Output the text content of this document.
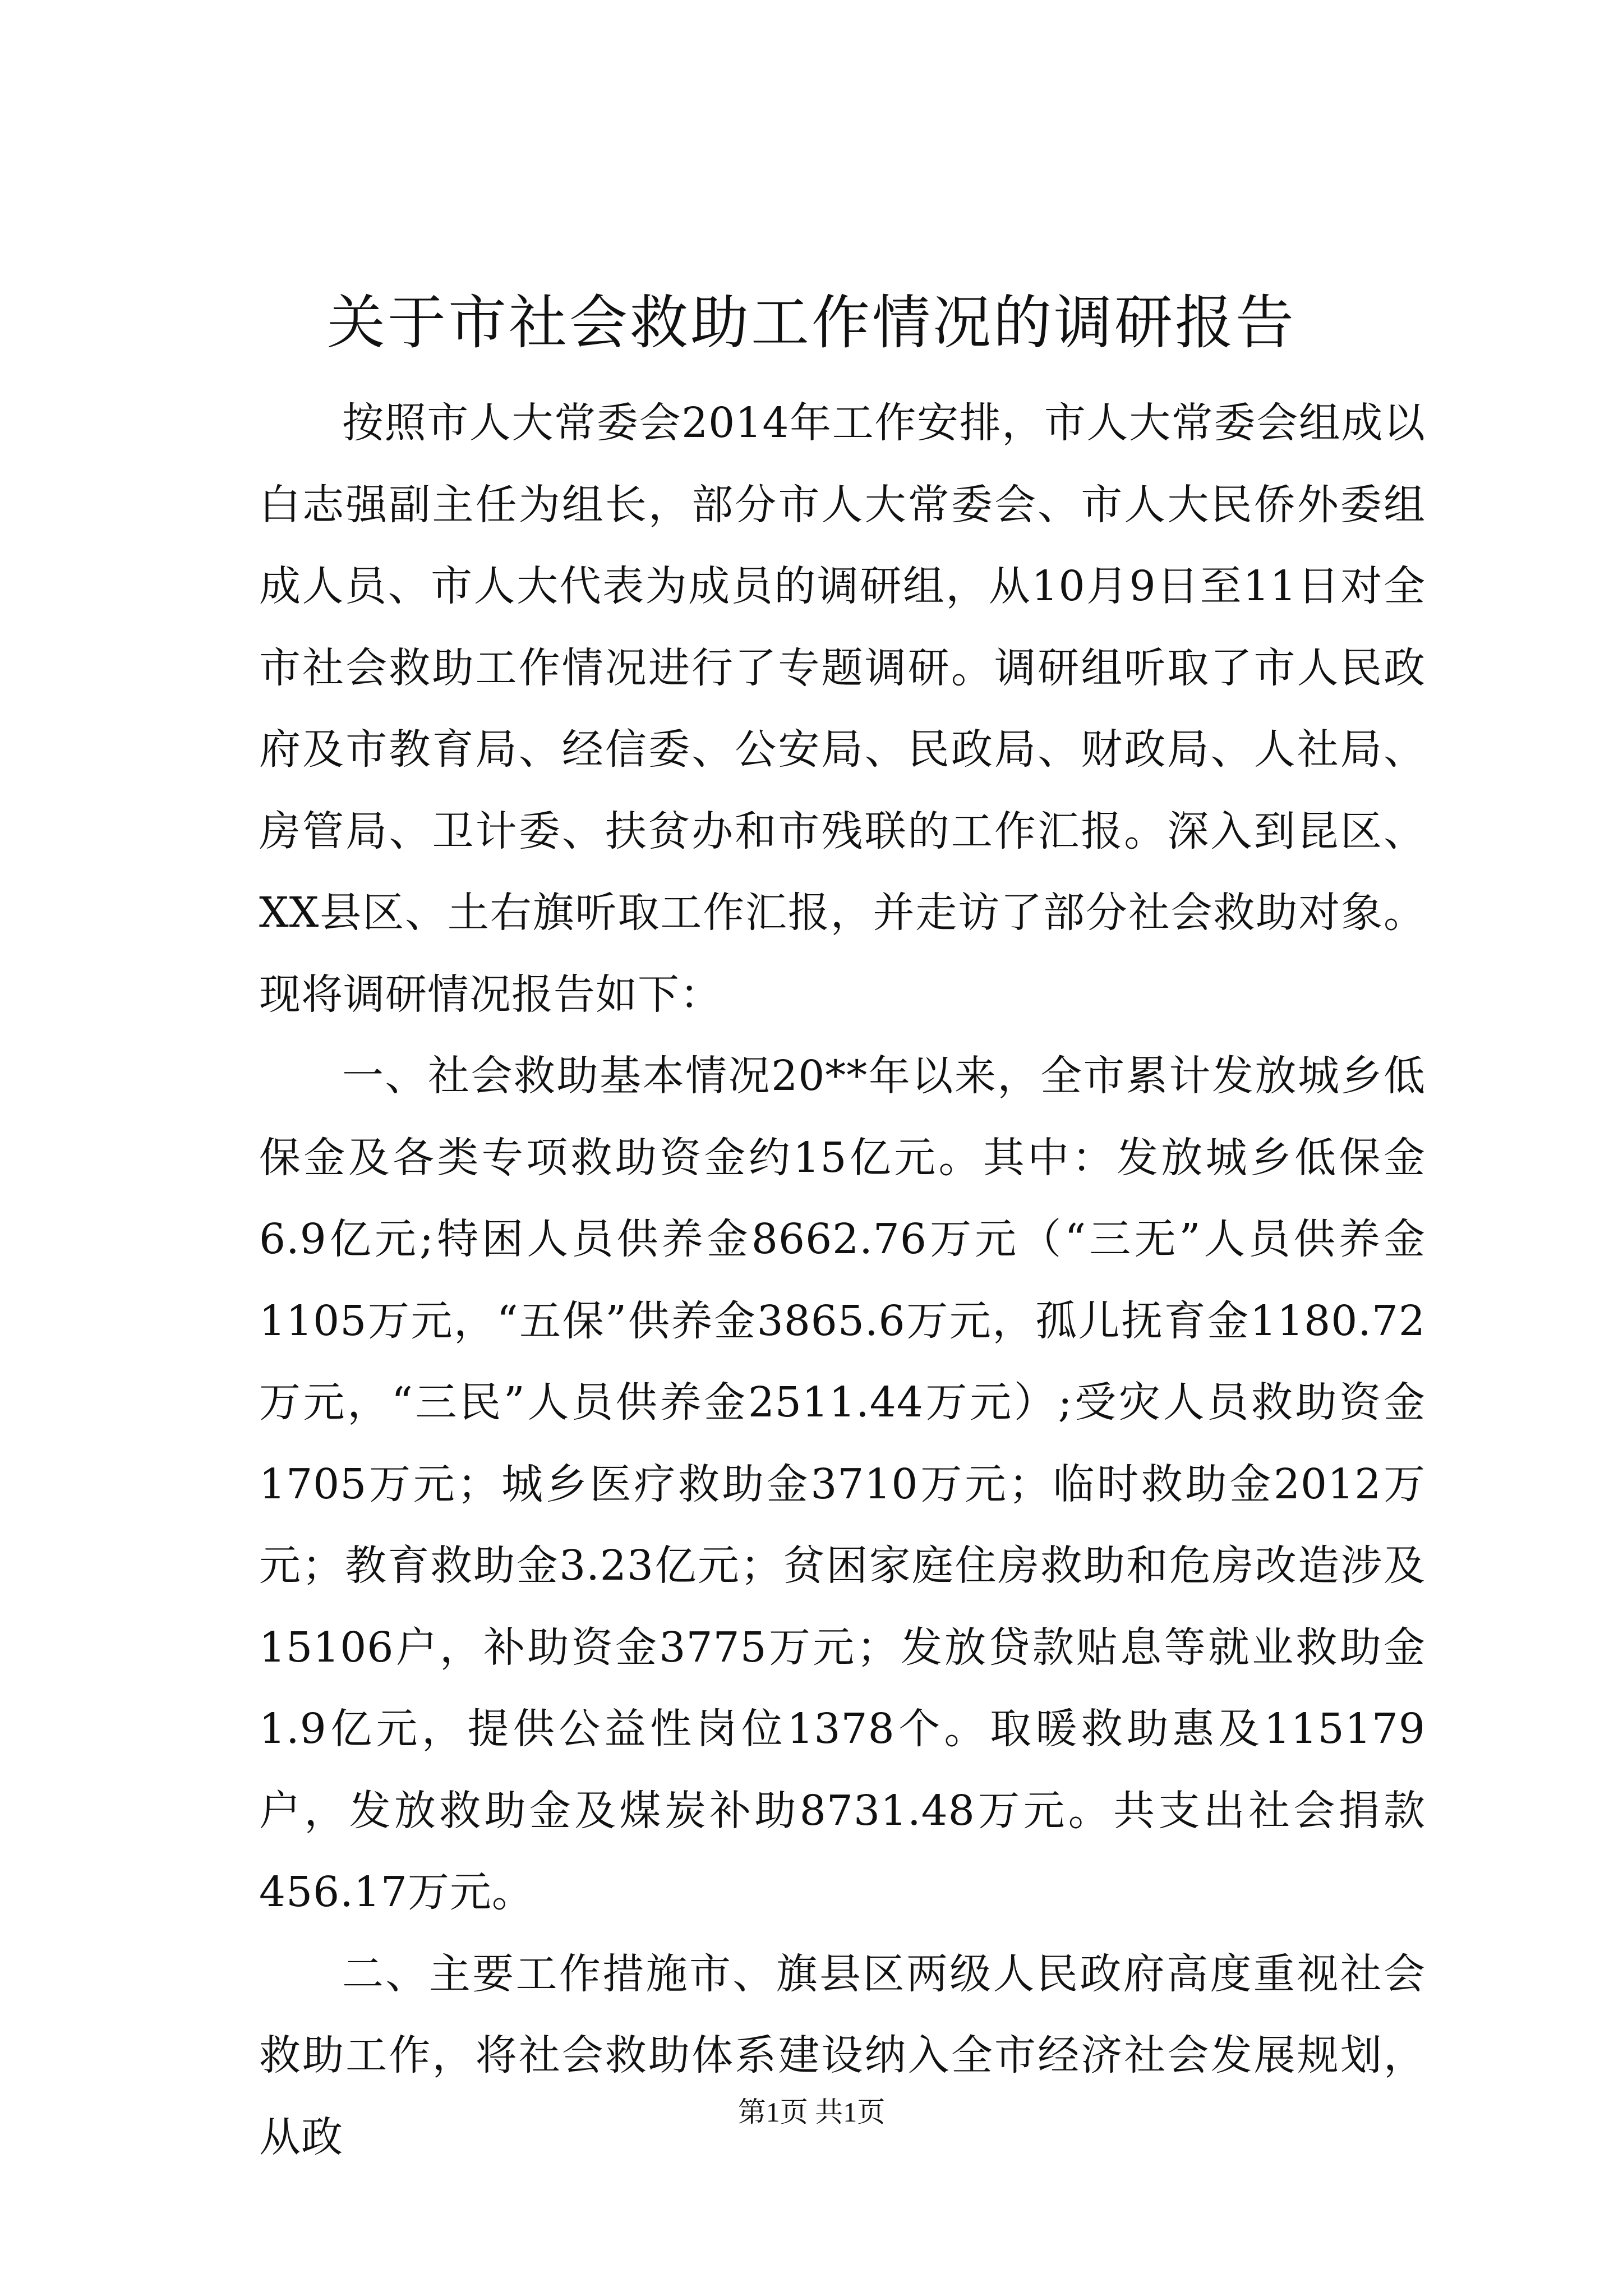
关于市社会救助工作情况的调研报告

按照市人大常委会2014年工作安排，市人大常委会组成以白志强副主任为组长，部分市人大常委会、市人大民侨外委组成人员、市人大代表为成员的调研组，从10月9日至11日对全市社会救助工作情况进行了专题调研。调研组听取了市人民政府及市教育局、经信委、公安局、民政局、财政局、人社局、房管局、卫计委、扶贫办和市残联的工作汇报。深入到昆区、XX县区、土右旗听取工作汇报，并走访了部分社会救助对象。现将调研情况报告如下：

一、社会救助基本情况20**年以来，全市累计发放城乡低保金及各类专项救助资金约15亿元。其中：发放城乡低保金6.9亿元;特困人员供养金8662.76万元（“三无”人员供养金1105万元，“五保”供养金3865.6万元，孤儿抚育金1180.72万元，“三民”人员供养金2511.44万元）;受灾人员救助资金1705万元；城乡医疗救助金3710万元；临时救助金2012万元；教育救助金3.23亿元；贫困家庭住房救助和危房改造涉及15106户，补助资金3775万元；发放贷款贴息等就业救助金1.9亿元，提供公益性岗位1378个。取暖救助惠及115179户，发放救助金及煤炭补助8731.48万元。共支出社会捐款456.17万元。

二、主要工作措施市、旗县区两级人民政府高度重视社会救助工作，将社会救助体系建设纳入全市经济社会发展规划，从政

第1页 共1页
